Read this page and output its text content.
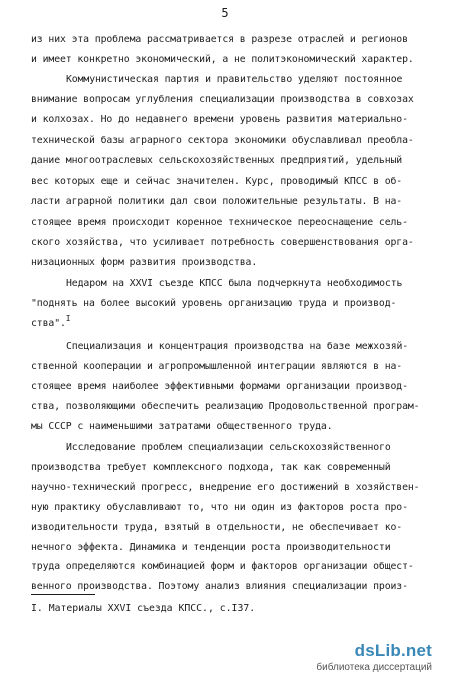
5
из них эта проблема рассматривается в разрезе отраслей и регионов
и имеет конкретно экономический, а не политэкономический характер.
Коммунистическая партия и правительство уделяют постоянное
внимание вопросам углубления специализации производства в совхозах
и колхозах. Но до недавнего времени уровень развития материально-
технической базы аграрного сектора экономики обуславливал преобла-
дание многоотраслевых сельскохозяйственных предприятий, удельный
вес которых еще и сейчас значителен. Курс, проводимый КПСС в об-
ласти аграрной политики дал свои положительные результаты. В на-
стоящее время происходит коренное техническое переоснащение сель-
ского хозяйства, что усиливает потребность совершенствования орга-
низационных форм развития производства.
Недаром на XXVI съезде КПСС была подчеркнута необходимость
"поднять на более высокий уровень организацию труда и производ-
ства".$^I$
Специализация и концентрация производства на базе межхозяй-
ственной кооперации и агропромышленной интеграции являются в на-
стоящее время наиболее эффективными формами организации производ-
ства, позволяющими обеспечить реализацию Продовольственной програм-
мы СССР с наименьшими затратами общественного труда.
Исследование проблем специализации сельскохозяйственного
производства требует комплексного подхода, так как современный
научно-технический прогресс, внедрение его достижений в хозяйствен-
ную практику обуславливают то, что ни один из факторов роста про-
изводительности труда, взятый в отдельности, не обеспечивает ко-
нечного эффекта. Динамика и тенденции роста производительности
труда определяются комбинацией форм и факторов организации общест-
венного производства. Поэтому анализ влияния специализации произ-
I. Материалы XXVI съезда КПСС., с.I37.
dsLib.net
библиотека диссертаций
